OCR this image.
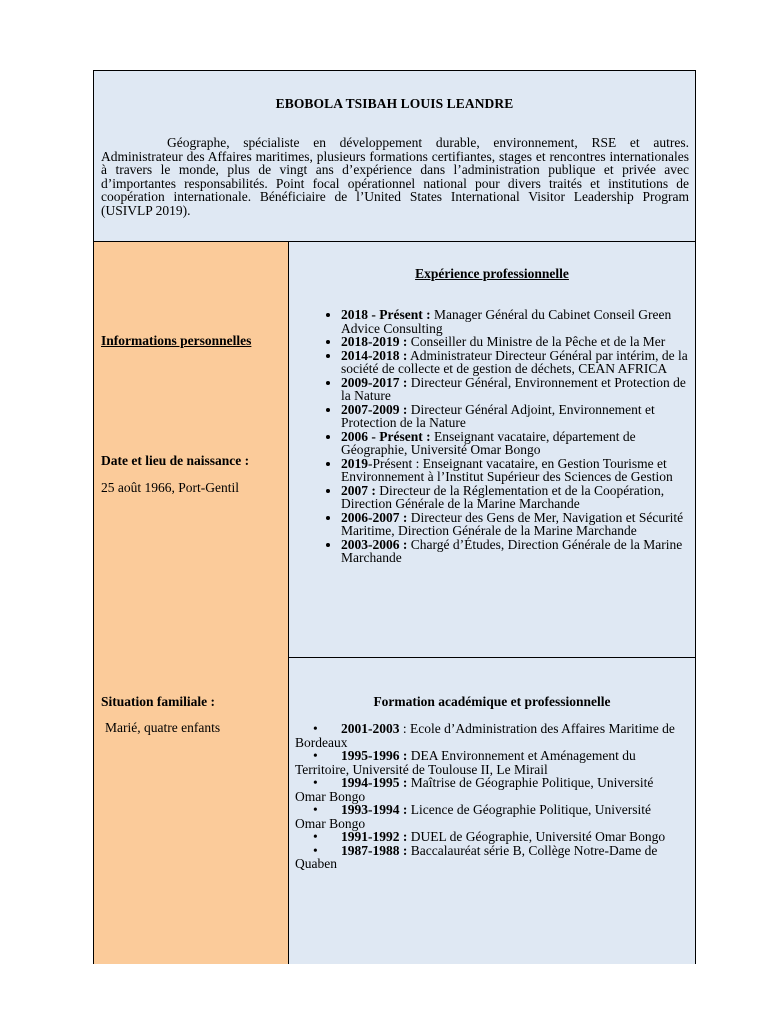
EBOBOLA TSIBAH LOUIS LEANDRE

Géographe, spécialiste en développement durable, environnement, RSE et autres. Administrateur des Affaires maritimes, plusieurs formations certifiantes, stages et rencontres internationales à travers le monde, plus de vingt ans d’expérience dans l’administration publique et privée avec d’importantes responsabilités. Point focal opérationnel national pour divers traités et institutions de coopération internationale. Bénéficiaire de l’United States International Visitor Leadership Program (USIVLP 2019).

Informations personnelles

Date et lieu de naissance :

25 août 1966, Port-Gentil

Situation familiale :

Marié, quatre enfants

Expérience professionnelle

• 2018 - Présent : Manager Général du Cabinet Conseil Green Advice Consulting
• 2018-2019 : Conseiller du Ministre de la Pêche et de la Mer
• 2014-2018 : Administrateur Directeur Général par intérim, de la société de collecte et de gestion de déchets, CEAN AFRICA
• 2009-2017 : Directeur Général, Environnement et Protection de la Nature
• 2007-2009 : Directeur Général Adjoint, Environnement et Protection de la Nature
• 2006 - Présent : Enseignant vacataire, département de Géographie, Université Omar Bongo
• 2019-Présent : Enseignant vacataire, en Gestion Tourisme et Environnement à l’Institut Supérieur des Sciences de Gestion
• 2007 : Directeur de la Réglementation et de la Coopération, Direction Générale de la Marine Marchande
• 2006-2007 : Directeur des Gens de Mer, Navigation et Sécurité Maritime, Direction Générale de la Marine Marchande
• 2003-2006 : Chargé d’Études, Direction Générale de la Marine Marchande

Formation académique et professionnelle

• 2001-2003 : Ecole d’Administration des Affaires Maritime de Bordeaux
• 1995-1996 : DEA Environnement et Aménagement du Territoire, Université de Toulouse II, Le Mirail
• 1994-1995 : Maîtrise de Géographie Politique, Université Omar Bongo
• 1993-1994 : Licence de Géographie Politique, Université Omar Bongo
• 1991-1992 : DUEL de Géographie, Université Omar Bongo
• 1987-1988 : Baccalauréat série B, Collège Notre-Dame de Quaben
